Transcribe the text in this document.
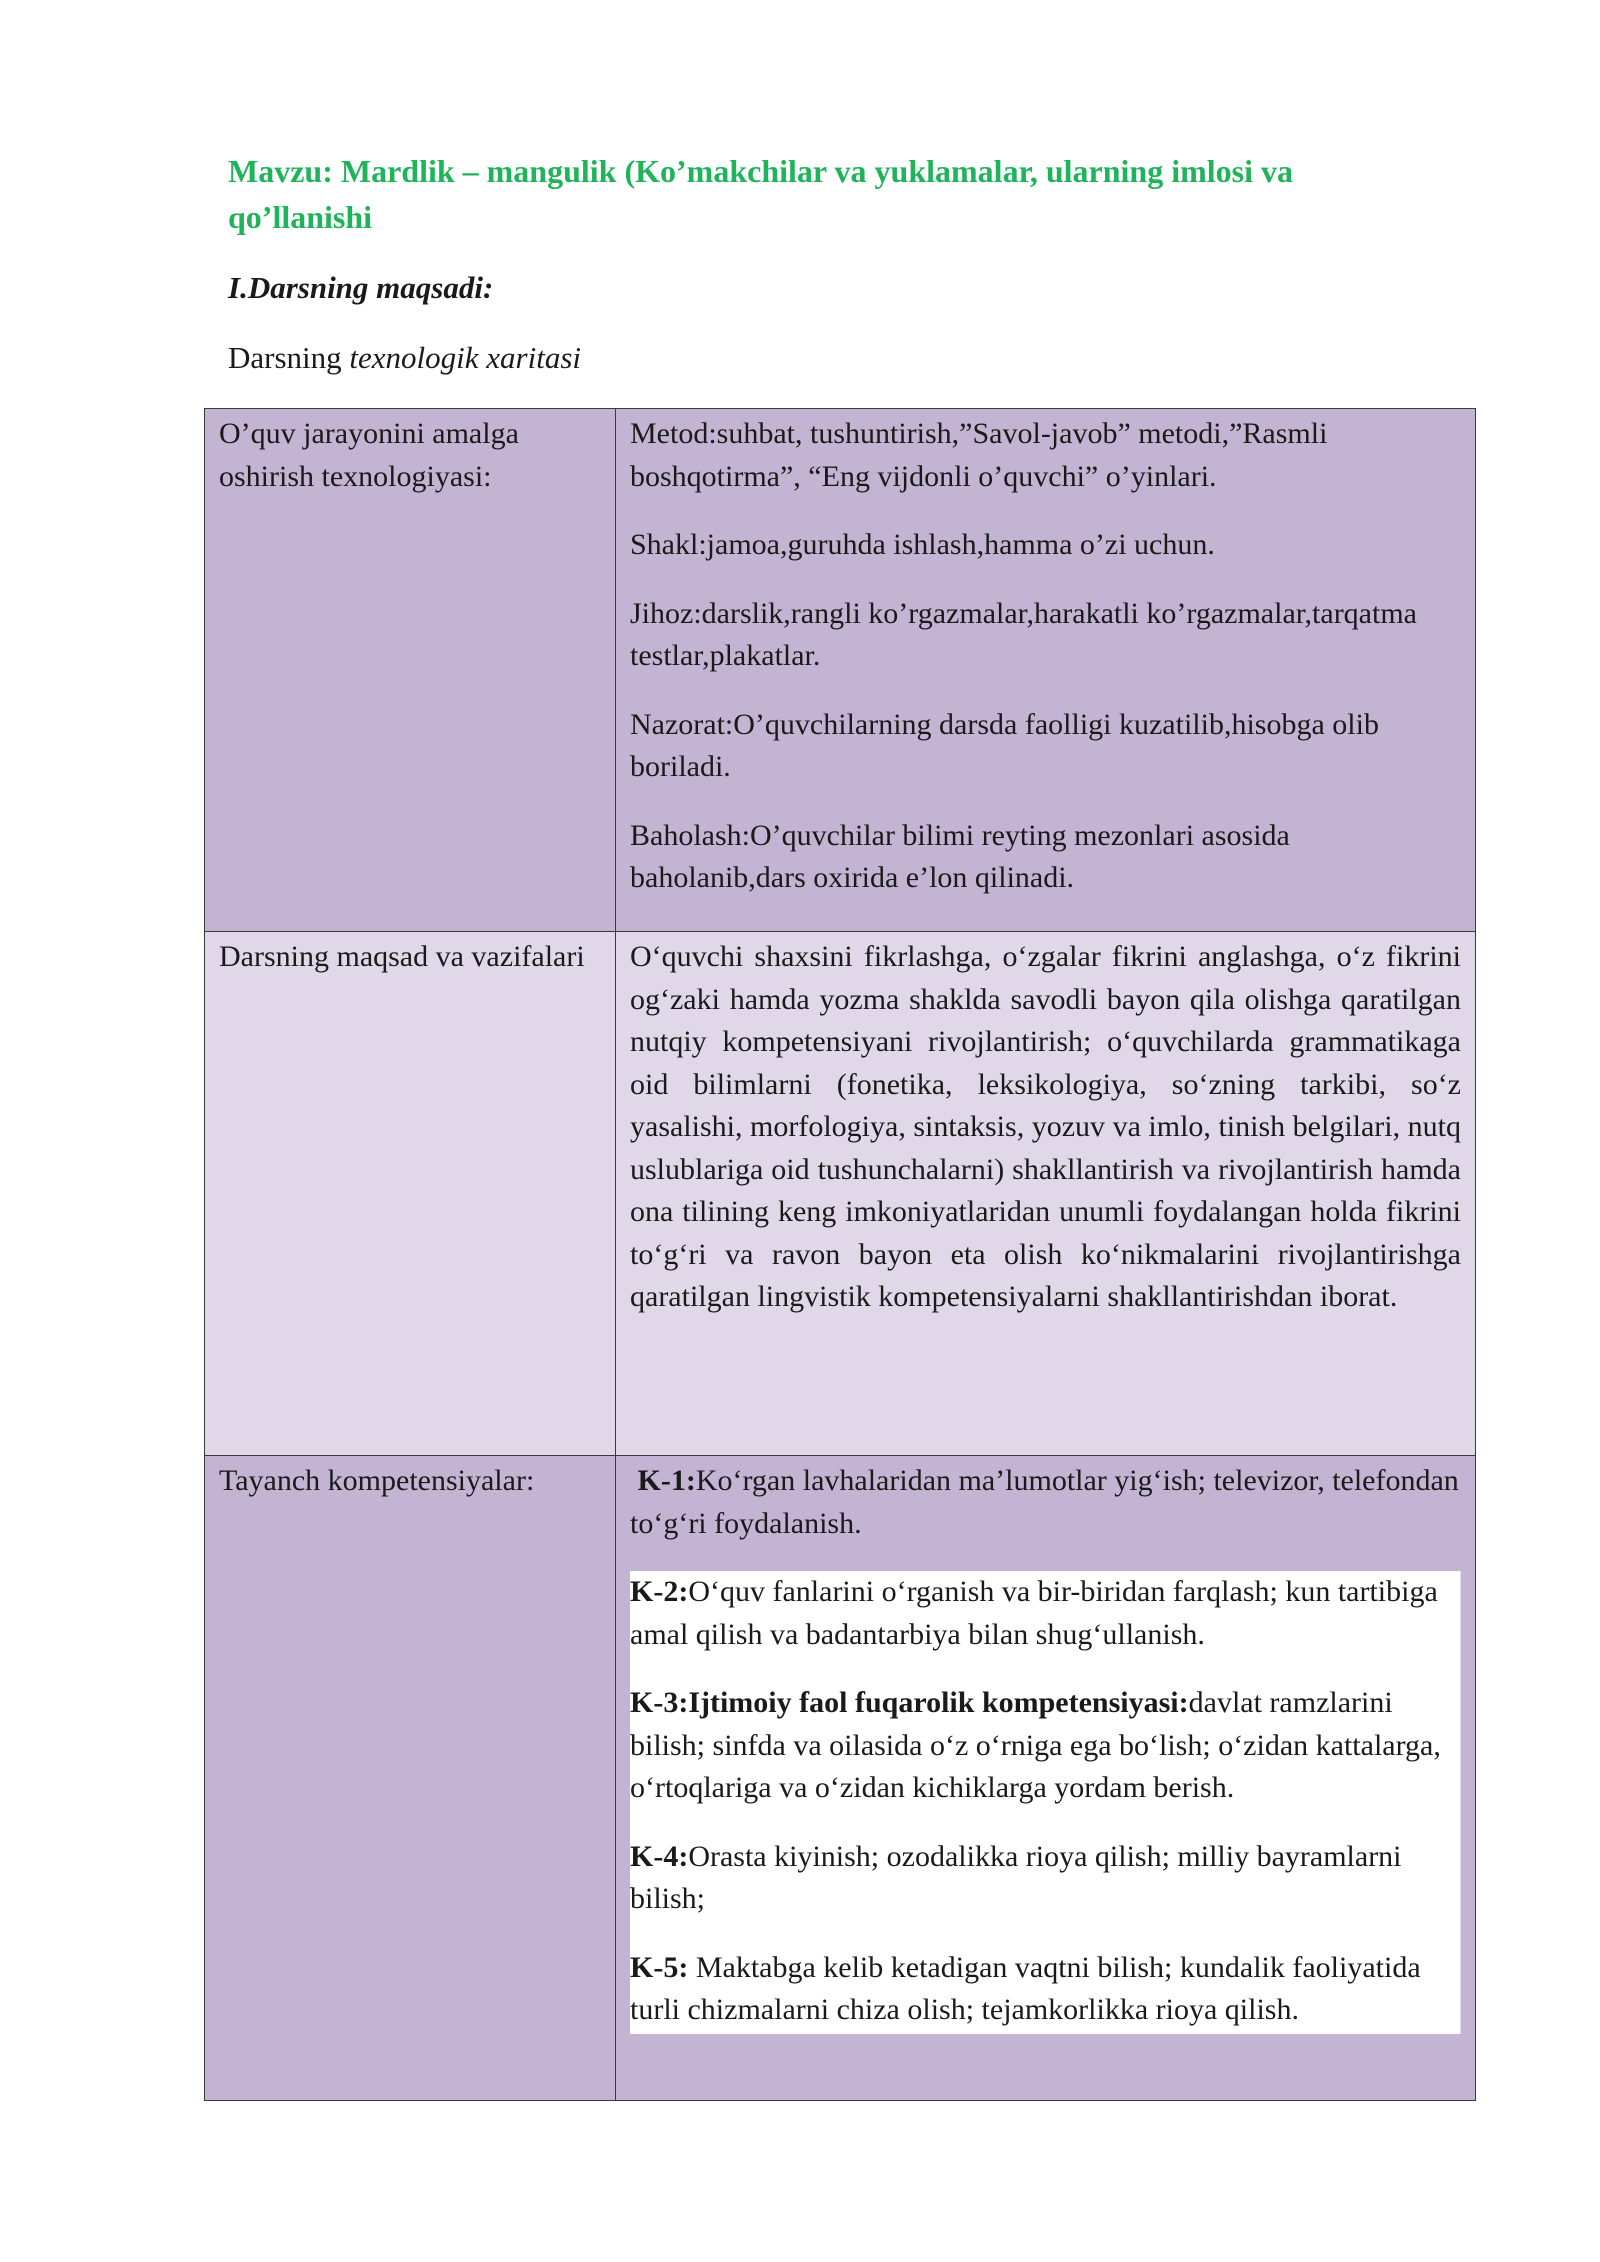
Mavzu: Mardlik – mangulik (Ko’makchilar va yuklamalar, ularning imlosi va qo’llanishi
I.Darsning maqsadi:
Darsning texnologik xaritasi
O’quv jarayonini amalga oshirish texnologiyasi:	Metod:suhbat, tushuntirish,”Savol-javob” metodi,”Rasmli boshqotirma”, “Eng vijdonli o’quvchi” o’yinlari.

Shakl:jamoa,guruhda ishlash,hamma o’zi uchun.

Jihoz:darslik,rangli ko’rgazmalar,harakatli ko’rgazmalar,tarqatma testlar,plakatlar.

Nazorat:O’quvchilarning darsda faolligi kuzatilib,hisobga olib boriladi.

Baholash:O’quvchilar bilimi reyting mezonlari asosida baholanib,dars oxirida e’lon qilinadi.

Darsning maqsad va vazifalari	O‘quvchi shaxsini fikrlashga, o‘zgalar fikrini anglashga, o‘z fikrini og‘zaki hamda yozma shaklda savodli bayon qila olishga qaratilgan nutqiy kompetensiyani rivojlantirish; o‘quvchilarda grammatikaga oid bilimlarni (fonetika, leksikologiya, so‘zning tarkibi, so‘z yasalishi, morfologiya, sintaksis, yozuv va imlo, tinish belgilari, nutq uslublariga oid tushunchalarni) shakllantirish va rivojlantirish hamda ona tilining keng imkoniyatlaridan unumli foydalangan holda fikrini to‘g‘ri va ravon bayon eta olish ko‘nikmalarini rivojlantirishga qaratilgan lingvistik kompetensiyalarni shakllantirishdan iborat.
Tayanch kompetensiyalar:	K-1:Ko‘rgan lavhalaridan ma’lumotlar yig‘ish; televizor, telefondan to‘g‘ri foydalanish.

K-2:O‘quv fanlarini o‘rganish va bir-biridan farqlash; kun tartibiga amal qilish va badantarbiya bilan shug‘ullanish.

K-3:Ijtimoiy faol fuqarolik kompetensiyasi:davlat ramzlarini bilish; sinfda va oilasida o‘z o‘rniga ega bo‘lish; o‘zidan kattalarga, o‘rtoqlariga va o‘zidan kichiklarga yordam berish.

K-4:Orasta kiyinish; ozodalikka rioya qilish; milliy bayramlarni bilish;

K-5: Maktabga kelib ketadigan vaqtni bilish; kundalik faoliyatida turli chizmalarni chiza olish; tejamkorlikka rioya qilish.
